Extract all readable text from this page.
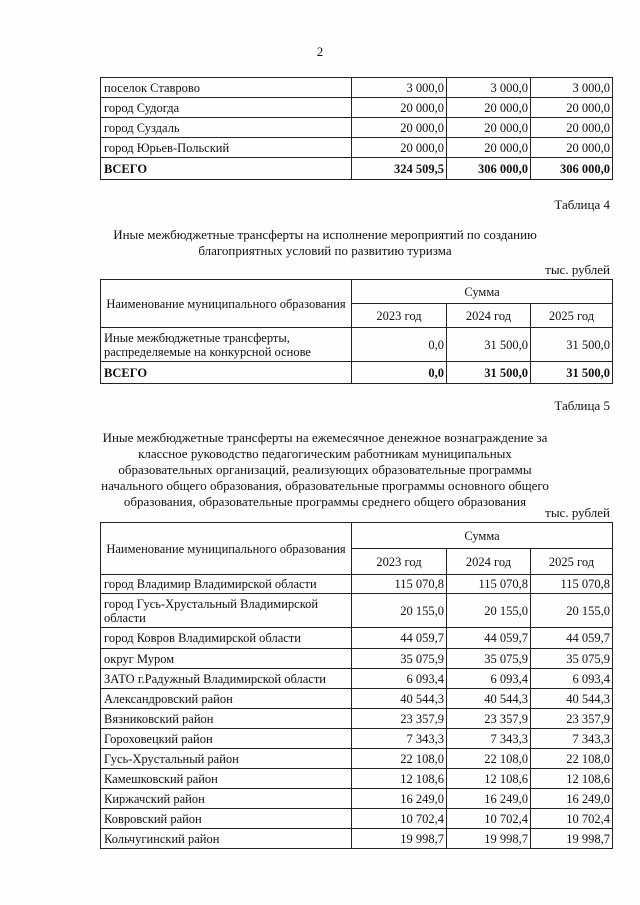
2
поселок Ставрово	3 000,0	3 000,0	3 000,0
город Судогда	20 000,0	20 000,0	20 000,0
город Суздаль	20 000,0	20 000,0	20 000,0
город Юрьев-Польский	20 000,0	20 000,0	20 000,0
ВСЕГО	324 509,5	306 000,0	306 000,0
Таблица 4
Иные межбюджетные трансферты на исполнение мероприятий по созданию благоприятных условий по развитию туризма
тыс. рублей
Наименование муниципального образования	Сумма		
	2023 год	2024 год	2025 год
Иные межбюджетные трансферты, распределяемые на конкурсной основе	0,0	31 500,0	31 500,0
ВСЕГО	0,0	31 500,0	31 500,0
Таблица 5
Иные межбюджетные трансферты на ежемесячное денежное вознаграждение за классное руководство педагогическим работникам муниципальных образовательных организаций, реализующих образовательные программы начального общего образования, образовательные программы основного общего образования, образовательные программы среднего общего образования
тыс. рублей
Наименование муниципального образования	Сумма		
	2023 год	2024 год	2025 год
город Владимир Владимирской области	115 070,8	115 070,8	115 070,8
город Гусь-Хрустальный Владимирской области	20 155,0	20 155,0	20 155,0
город Ковров Владимирской области	44 059,7	44 059,7	44 059,7
округ Муром	35 075,9	35 075,9	35 075,9
ЗАТО г.Радужный Владимирской области	6 093,4	6 093,4	6 093,4
Александровский район	40 544,3	40 544,3	40 544,3
Вязниковский район	23 357,9	23 357,9	23 357,9
Гороховецкий район	7 343,3	7 343,3	7 343,3
Гусь-Хрустальный район	22 108,0	22 108,0	22 108,0
Камешковский район	12 108,6	12 108,6	12 108,6
Киржачский район	16 249,0	16 249,0	16 249,0
Ковровский район	10 702,4	10 702,4	10 702,4
Кольчугинский район	19 998,7	19 998,7	19 998,7
